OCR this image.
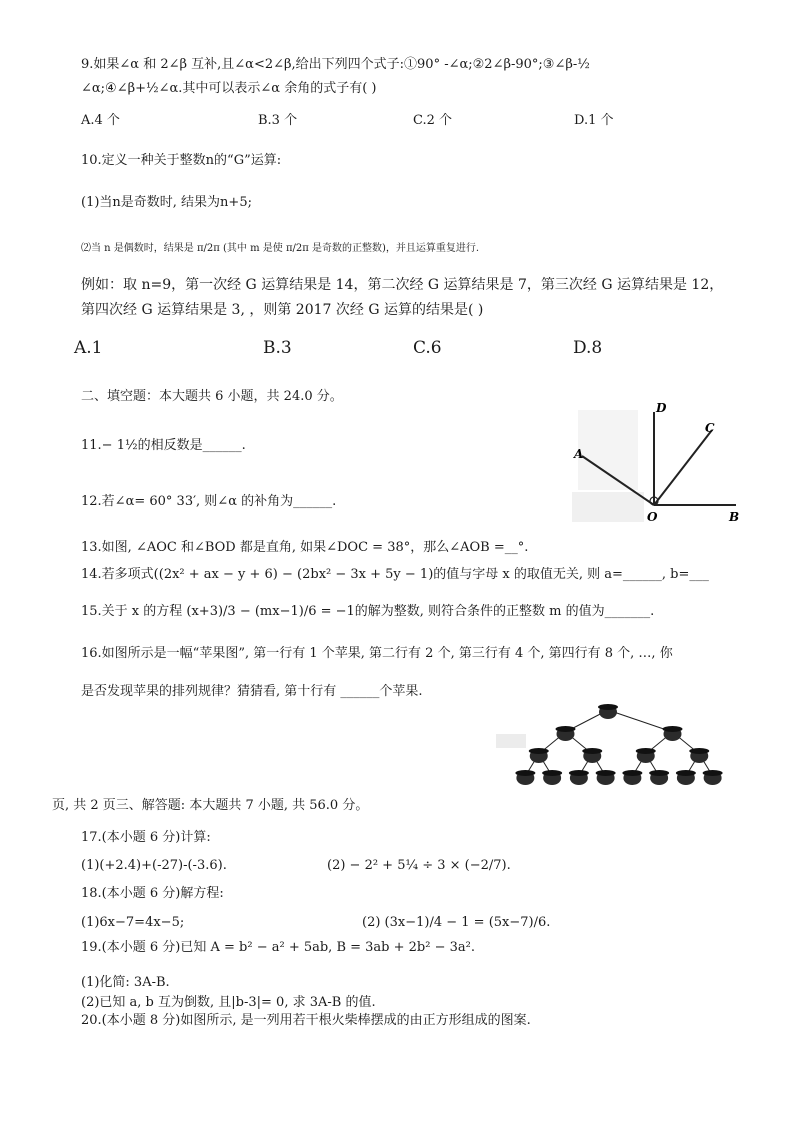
9.如果∠α 和 2∠β 互补,且∠α<2∠β,给出下列四个式子:①90° -∠α;②2∠β-90°;③∠β-½
∠α;④∠β+½∠α.其中可以表示∠α 余角的式子有( )
A.4 个	B.3 个	C.2 个	D.1 个
10.定义一种关于整数n的“G”运算:
(1)当n是奇数时, 结果为n+5;
⑵当 n 是偶数时，结果是 π/2π (其中 m 是使 π/2π 是奇数的正整数)，并且运算重复进行.
例如：取 n=9，第一次经 G 运算结果是 14，第二次经 G 运算结果是 7，第三次经 G 运算结果是 12，
第四次经 G 运算结果是 3, ，则第 2017 次经 G 运算的结果是( )
A.1	B.3	C.6	D.8
二、填空题：本大题共 6 小题，共 24.0 分。
D
C
A
O	B
11.− 1½的相反数是______.
12.若∠α= 60° 33′, 则∠α 的补角为______.
13.如图, ∠AOC 和∠BOD 都是直角, 如果∠DOC = 38°，那么∠AOB =__°.
14.若多项式((2x² + ax − y + 6) − (2bx² − 3x + 5y − 1)的值与字母 x 的取值无关, 则 a=______, b=___
15.关于 x 的方程 (x+3)/3 − (mx−1)/6 = −1的解为整数, 则符合条件的正整数 m 的值为_______.
16.如图所示是一幅“苹果图”, 第一行有 1 个苹果, 第二行有 2 个, 第三行有 4 个, 第四行有 8 个, …, 你
是否发现苹果的排列规律？猜猜看, 第十行有 ______个苹果.
页, 共 2 页三、解答题: 本大题共 7 小题, 共 56.0 分。
17.(本小题 6 分)计算:
(1)(+2.4)+(-27)-(-3.6).	(2) − 2² + 5¼ ÷ 3 × (−2/7).
18.(本小题 6 分)解方程:
(1)6x−7=4x−5;	(2) (3x−1)/4 − 1 = (5x−7)/6.
19.(本小题 6 分)已知 A = b² − a² + 5ab, B = 3ab + 2b² − 3a².
(1)化简: 3A-B.
(2)已知 a, b 互为倒数, 且|b-3|= 0, 求 3A-B 的值.
20.(本小题 8 分)如图所示, 是一列用若干根火柴棒摆成的由正方形组成的图案.
